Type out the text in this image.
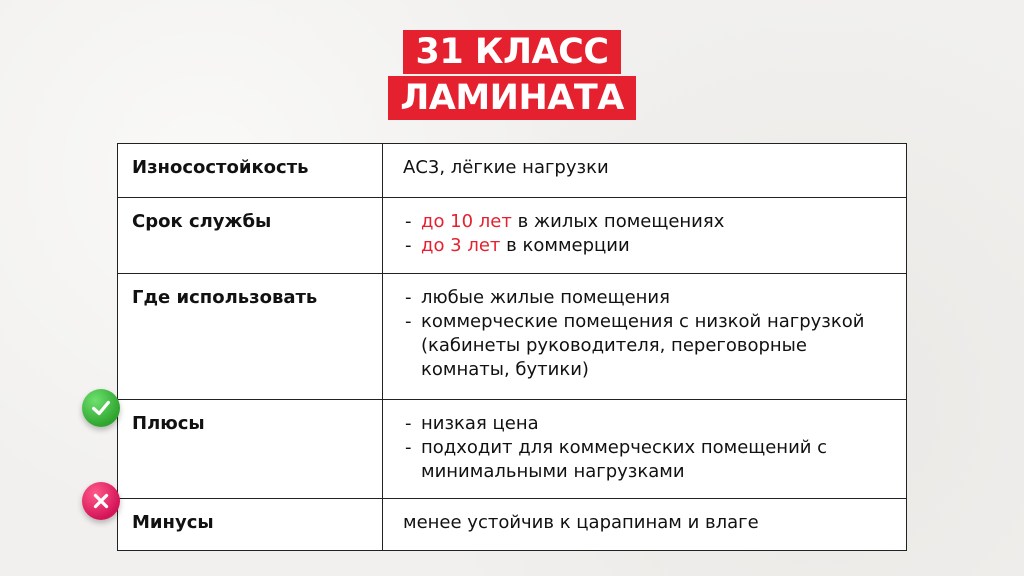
31 КЛАСС
ЛАМИНАТА
Износостойкость	АС3, лёгкие нагрузки

Срок службы	- до 10 лет в жилых помещениях
- до 3 лет в коммерции

Где использовать	- любые жилые помещения
- коммерческие помещения с низкой нагрузкой (кабинеты руководителя, переговорные комнаты, бутики)

Плюсы	- низкая цена
- подходит для коммерческих помещений с минимальными нагрузками

Минусы	менее устойчив к царапинам и влаге
